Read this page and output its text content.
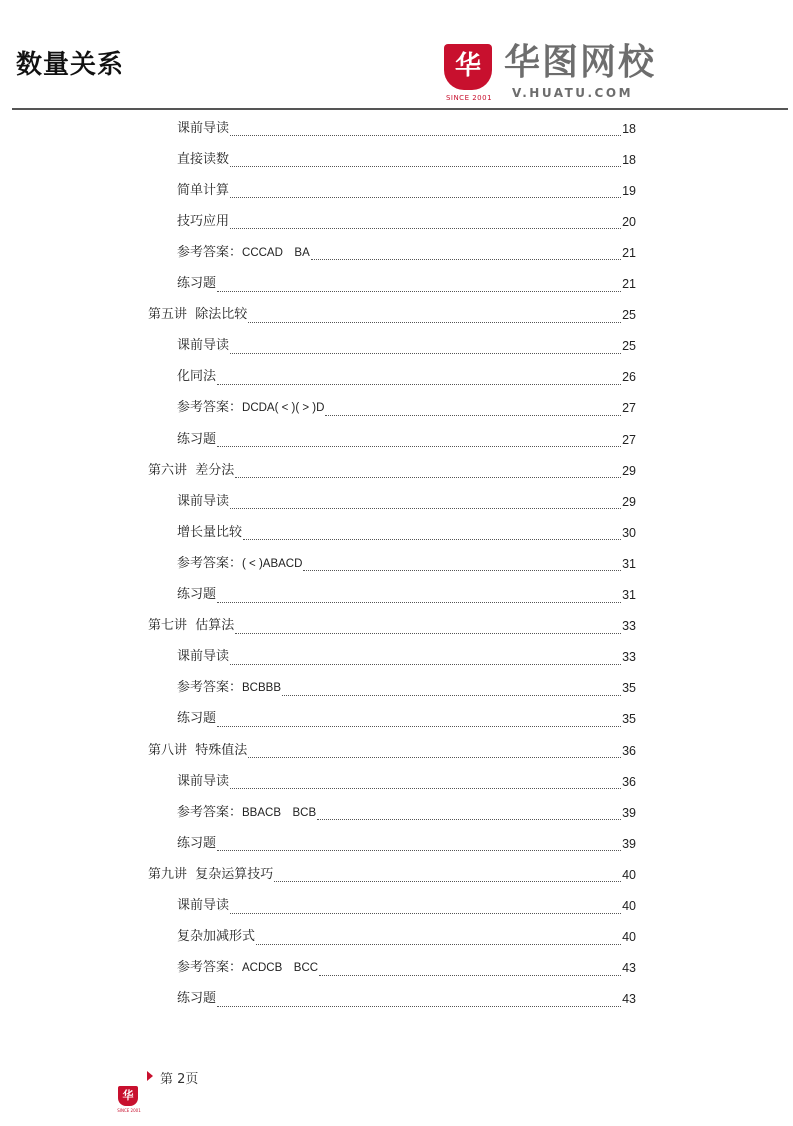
数量关系	华
SINCE 2001
华图网校
V.HUATU.COM
课前导读	18
直接读数	18
简单计算	19
技巧应用	20
参考答案：CCCAD　BA	21
练习题	21
第五讲  除法比较	25
课前导读	25
化同法	26
参考答案：DCDA( < )( > )D	27
练习题	27
第六讲  差分法	29
课前导读	29
增长量比较	30
参考答案：( < )ABACD	31
练习题	31
第七讲  估算法	33
课前导读	33
参考答案：BCBBB	35
练习题	35
第八讲  特殊值法	36
课前导读	36
参考答案：BBACB　BCB	39
练习题	39
第九讲  复杂运算技巧	40
课前导读	40
复杂加减形式	40
参考答案：ACDCB　BCC	43
练习题	43
第 2页
华
SINCE 2001
